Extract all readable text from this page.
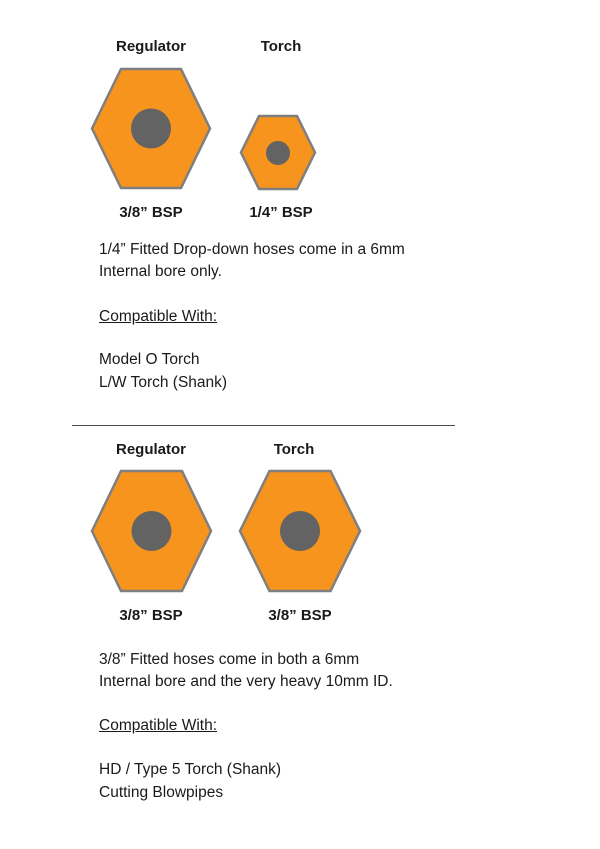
Regulator	Torch
3/8” BSP	1/4” BSP
1/4” Fitted Drop-down hoses come in a 6mm
Internal bore only.
Compatible With:
Model O Torch
L/W Torch (Shank)
Regulator	Torch
3/8” BSP	3/8” BSP
3/8” Fitted hoses come in both a 6mm
Internal bore and the very heavy 10mm ID.
Compatible With:
HD / Type 5 Torch (Shank)
Cutting Blowpipes
